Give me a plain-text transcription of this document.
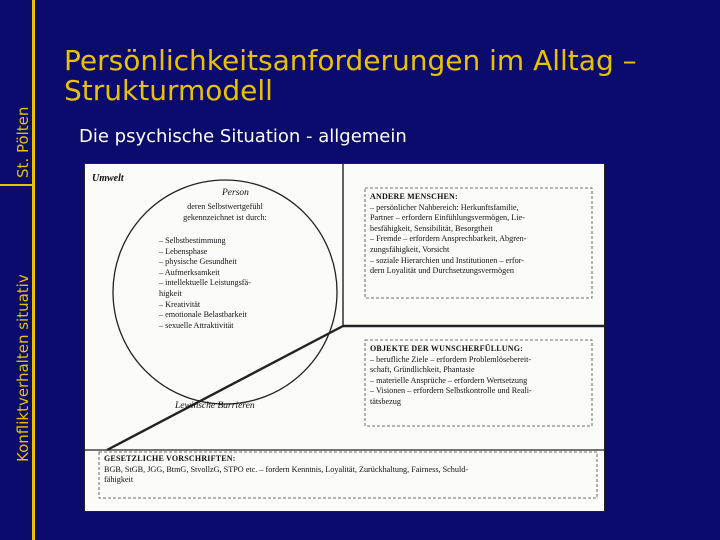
St. Pölten
Konfliktverhalten situativ
Persönlichkeitsanforderungen im Alltag – Strukturmodell
Die psychische Situation - allgemein
Umwelt
Person
deren Selbstwertgefühl gekennzeichnet ist durch:
– Selbstbestimmung
– Lebensphase
– physische Gesundheit
– Aufmerksamkeit
– intellektuelle Leistungsfä-
higkeit
– Kreativität
– emotionale Belastbarkeit
– sexuelle Attraktivität
Lewinsche Barrieren
ANDERE MENSCHEN:
– persönlicher Nahbereich: Herkunftsfamilie,
Partner – erfordern Einfühlungsvermögen, Lie-
besfähigkeit, Sensibilität, Besorgtheit
– Fremde – erfordern Ansprechbarkeit, Abgren-
zungsfähigkeit, Vorsicht
– soziale Hierarchien und Institutionen – erfor-
dern Loyalität und Durchsetzungsvermögen
OBJEKTE DER WUNSCHERFÜLLUNG:
– berufliche Ziele – erfordern Problemlösebereit-
schaft, Gründlichkeit, Phantasie
– materielle Ansprüche – erfordern Wertsetzung
– Visionen – erfordern Selbstkontrolle und Reali-
tätsbezug
GESETZLICHE VORSCHRIFTEN:
BGB, StGB, JGG, BtmG, StvollzG, STPO etc. – fordern Kenntnis, Loyalität, Zurückhaltung, Fairness, Schuld-
fähigkeit
